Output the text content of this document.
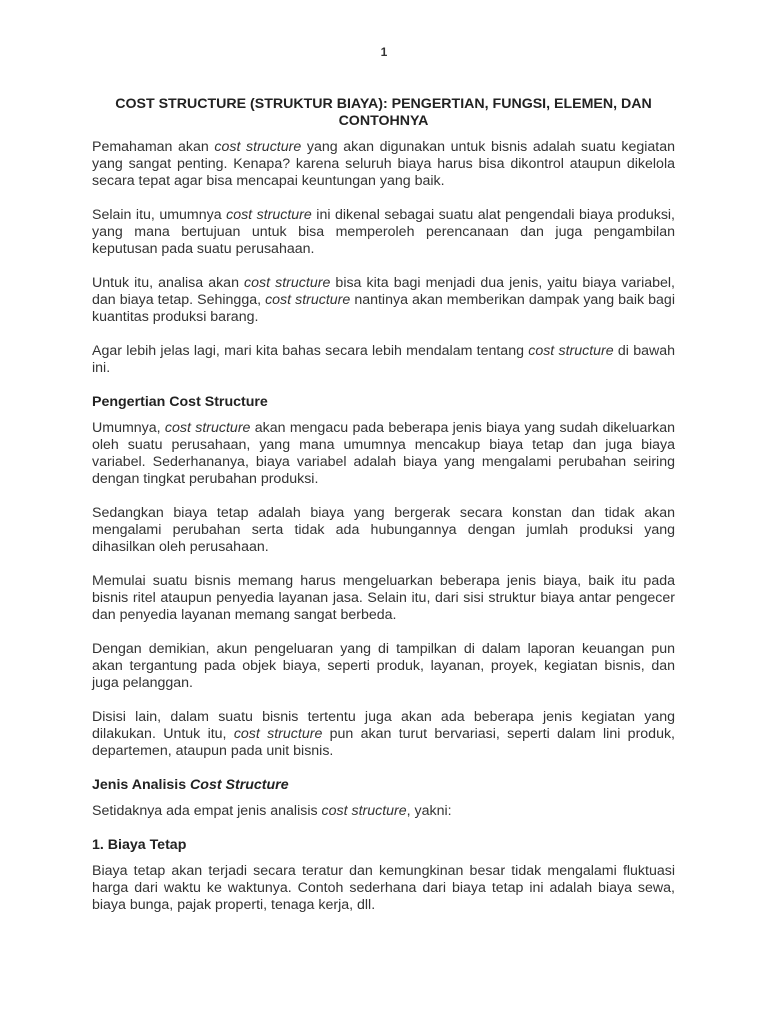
1
COST STRUCTURE (STRUKTUR BIAYA): PENGERTIAN, FUNGSI, ELEMEN, DAN CONTOHNYA

Pemahaman akan cost structure yang akan digunakan untuk bisnis adalah suatu kegiatan yang sangat penting. Kenapa? karena seluruh biaya harus bisa dikontrol ataupun dikelola secara tepat agar bisa mencapai keuntungan yang baik.

Selain itu, umumnya cost structure ini dikenal sebagai suatu alat pengendali biaya produksi, yang mana bertujuan untuk bisa memperoleh perencanaan dan juga pengambilan keputusan pada suatu perusahaan.

Untuk itu, analisa akan cost structure bisa kita bagi menjadi dua jenis, yaitu biaya variabel, dan biaya tetap. Sehingga, cost structure nantinya akan memberikan dampak yang baik bagi kuantitas produksi barang.

Agar lebih jelas lagi, mari kita bahas secara lebih mendalam tentang cost structure di bawah ini.

Pengertian Cost Structure

Umumnya, cost structure akan mengacu pada beberapa jenis biaya yang sudah dikeluarkan oleh suatu perusahaan, yang mana umumnya mencakup biaya tetap dan juga biaya variabel. Sederhananya, biaya variabel adalah biaya yang mengalami perubahan seiring dengan tingkat perubahan produksi.

Sedangkan biaya tetap adalah biaya yang bergerak secara konstan dan tidak akan mengalami perubahan serta tidak ada hubungannya dengan jumlah produksi yang dihasilkan oleh perusahaan.

Memulai suatu bisnis memang harus mengeluarkan beberapa jenis biaya, baik itu pada bisnis ritel ataupun penyedia layanan jasa. Selain itu, dari sisi struktur biaya antar pengecer dan penyedia layanan memang sangat berbeda.

Dengan demikian, akun pengeluaran yang di tampilkan di dalam laporan keuangan pun akan tergantung pada objek biaya, seperti produk, layanan, proyek, kegiatan bisnis, dan juga pelanggan.

Disisi lain, dalam suatu bisnis tertentu juga akan ada beberapa jenis kegiatan yang dilakukan. Untuk itu, cost structure pun akan turut bervariasi, seperti dalam lini produk, departemen, ataupun pada unit bisnis.

Jenis Analisis Cost Structure

Setidaknya ada empat jenis analisis cost structure, yakni:

1. Biaya Tetap

Biaya tetap akan terjadi secara teratur dan kemungkinan besar tidak mengalami fluktuasi harga dari waktu ke waktunya. Contoh sederhana dari biaya tetap ini adalah biaya sewa, biaya bunga, pajak properti, tenaga kerja, dll.
